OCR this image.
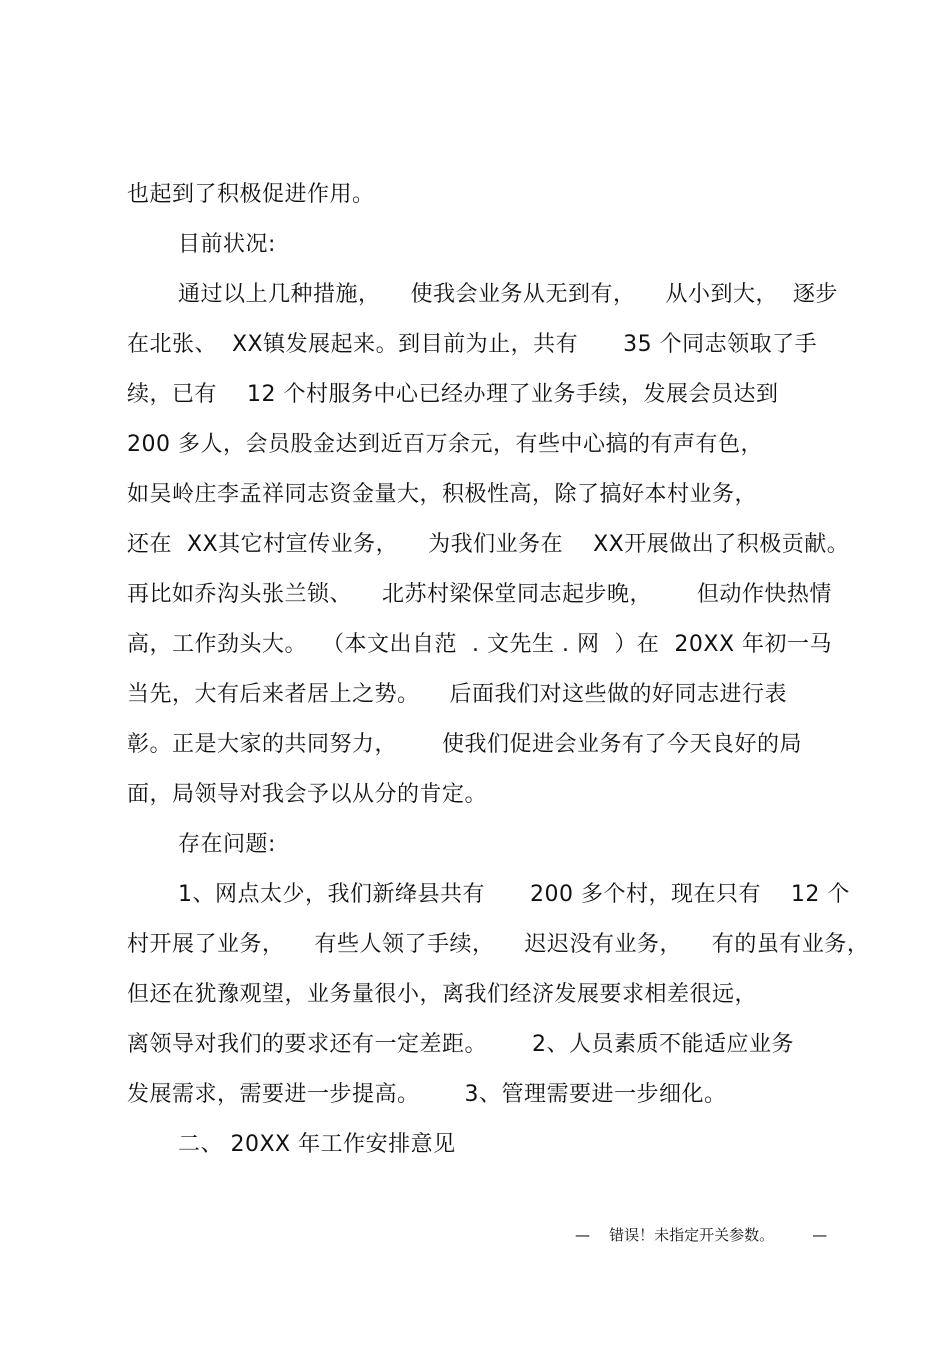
也起到了积极促进作用。
目前状况:
通过以上几种措施，    使我会业务从无到有，    从小到大，  逐步
在北张、  XX镇发展起来。到目前为止，共有      35 个同志领取了手
续，已有    12 个村服务中心已经办理了业务手续，发展会员达到
200 多人，会员股金达到近百万余元，有些中心搞的有声有色，
如吴岭庄李孟祥同志资金量大，积极性高，除了搞好本村业务，
还在  XX其它村宣传业务，    为我们业务在    XX开展做出了积极贡献。
再比如乔沟头张兰锁、    北苏村梁保堂同志起步晚，      但动作快热情
高，工作劲头大。  （本文出自范  . 文先生 . 网  ）在  20XX 年初一马
当先，大有后来者居上之势。    后面我们对这些做的好同志进行表
彰。正是大家的共同努力，      使我们促进会业务有了今天良好的局
面，局领导对我会予以从分的肯定。
存在问题:
1、网点太少，我们新绛县共有      200 多个村，现在只有    12 个
村开展了业务，    有些人领了手续，    迟迟没有业务，    有的虽有业务，
但还在犹豫观望，业务量很小，离我们经济发展要求相差很远，
离领导对我们的要求还有一定差距。      2、人员素质不能适应业务
发展需求，需要进一步提高。      3、管理需要进一步细化。
二、 20XX 年工作安排意见
—    错误！未指定开关参数。        —
